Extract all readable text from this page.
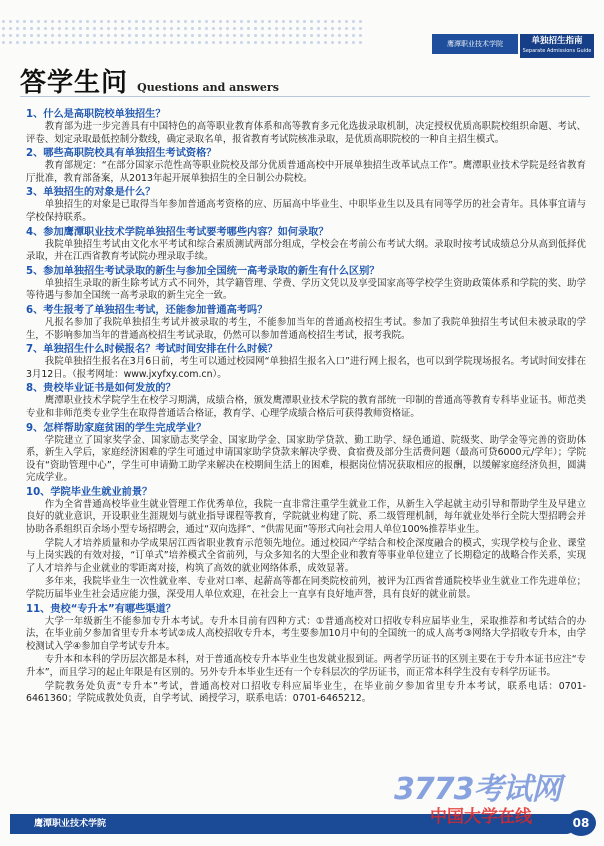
鹰潭职业技术学院	单独招生指南
Separate Admissions Guide
答学生问 Questions and answers

1、什么是高职院校单独招生？

教育部为进一步完善具有中国特色的高等职业教育体系和高等教育多元化选拔录取机制，决定授权优质高职院校组织命题、考试、评卷、划定录取最低控制分数线，确定录取名单，报省教育考试院核准录取，是优质高职院校的一种自主招生模式。

2、哪些高职院校具有单独招生考试资格？

教育部规定：“在部分国家示范性高等职业院校及部分优质普通高校中开展单独招生改革试点工作”。鹰潭职业技术学院是经省教育厅批准，教育部备案，从2013年起开展单独招生的全日制公办院校。

3、单独招生的对象是什么？

单独招生的对象是已取得当年参加普通高考资格的应、历届高中毕业生、中职毕业生以及具有同等学历的社会青年。具体事宜请与学校保持联系。

4、参加鹰潭职业技术学院单独招生考试要考哪些内容？如何录取？

我院单独招生考试由文化水平考试和综合素质测试两部分组成，学校会在考前公布考试大纲。录取时按考试成绩总分从高到低择优录取，并在江西省教育考试院办理录取手续。

5、参加单独招生考试录取的新生与参加全国统一高考录取的新生有什么区别？

单独招生录取的新生除考试方式不同外，其学籍管理、学费、学历文凭以及享受国家高等学校学生资助政策体系和学院的奖、助学等待遇与参加全国统一高考录取的新生完全一致。

6、考生报考了单独招生考试，还能参加普通高考吗？

凡报名参加了我院单独招生考试并被录取的考生，不能参加当年的普通高校招生考试。参加了我院单独招生考试但未被录取的学生，不影响参加当年的普通高校招生考试录取，仍然可以参加普通高校招生考试，报考我院。

7、单独招生什么时候报名？考试时间安排在什么时候？

我院单独招生报名在3月6日前，考生可以通过校园网“单独招生报名入口”进行网上报名，也可以到学院现场报名。考试时间安排在3月12日。（报考网址：www.jxyfxy.com.cn）。

8、贵校毕业证书是如何发放的？

鹰潭职业技术学院学生在校学习期满，成绩合格，颁发鹰潭职业技术学院的教育部统一印制的普通高等教育专科毕业证书。师范类专业和非师范类专业学生在取得普通话合格证，教育学、心理学成绩合格后可获得教师资格证。

9、怎样帮助家庭贫困的学生完成学业？

学院建立了国家奖学金、国家励志奖学金、国家助学金、国家助学贷款、勤工助学、绿色通道、院级奖、助学金等完善的资助体系，新生入学后，家庭经济困难的学生可通过申请国家助学贷款来解决学费、食宿费及部分生活费问题（最高可贷6000元/学年）；学院设有“资助管理中心”，学生可申请勤工助学来解决在校期间生活上的困难，根据岗位情况获取相应的报酬，以缓解家庭经济负担，圆满完成学业。

10、学院毕业生就业前景？

作为全省普通高校毕业生就业管理工作优秀单位，我院一直非常注重学生就业工作，从新生入学起就主动引导和帮助学生及早建立良好的就业意识，开设职业生涯规划与就业指导课程等教育，学院就业构建了院、系二级管理机制，每年就业处举行全院大型招聘会并协助各系组织百余场小型专场招聘会，通过“双向选择”、“供需见面”等形式向社会用人单位100%推荐毕业生。

学院人才培养质量和办学成果居江西省职业教育示范领先地位。通过校园产学结合和校企深度融合的模式，实现学校与企业、课堂与上岗实践的有效对接，“订单式”培养模式全省前列，与众多知名的大型企业和教育等事业单位建立了长期稳定的战略合作关系，实现了人才培养与企业就业的零距离对接，构筑了高效的就业网络体系，成效显著。

多年来，我院毕业生一次性就业率、专业对口率、起薪高等都在同类院校前列，被评为江西省普通院校毕业生就业工作先进单位；学院历届毕业生社会适应能力强，深受用人单位欢迎，在社会上一直享有良好地声誉，具有良好的就业前景。

11、贵校“专升本”有哪些渠道？

大学一年级新生不能参加专升本考试。专升本目前有四种方式：①普通高校对口招收专科应届毕业生，采取推荐和考试结合的办法，在毕业前夕参加省里专升本考试②成人高校招收专升本，考生要参加10月中旬的全国统一的成人高考③网络大学招收专升本，由学校测试入学④参加自学考试专升本。

专升本和本科的学历层次都是本科，对于普通高校专升本毕业生也发就业报到证。两者学历证书的区别主要在于专升本证书应注“专升本”，而且学习的起止年限是有区别的。另外专升本毕业生还有一个专科层次的学历证书，而正常本科学生没有专科学历证书。

学院教务处负责“专升本”考试，普通高校对口招收专科应届毕业生，在毕业前夕参加省里专升本考试，联系电话：0701-6461360；学院成教处负责，自学考试、函授学习，联系电话：0701-6465212。

3773考试网
鹰潭职业技术学院	08
中国大学在线
